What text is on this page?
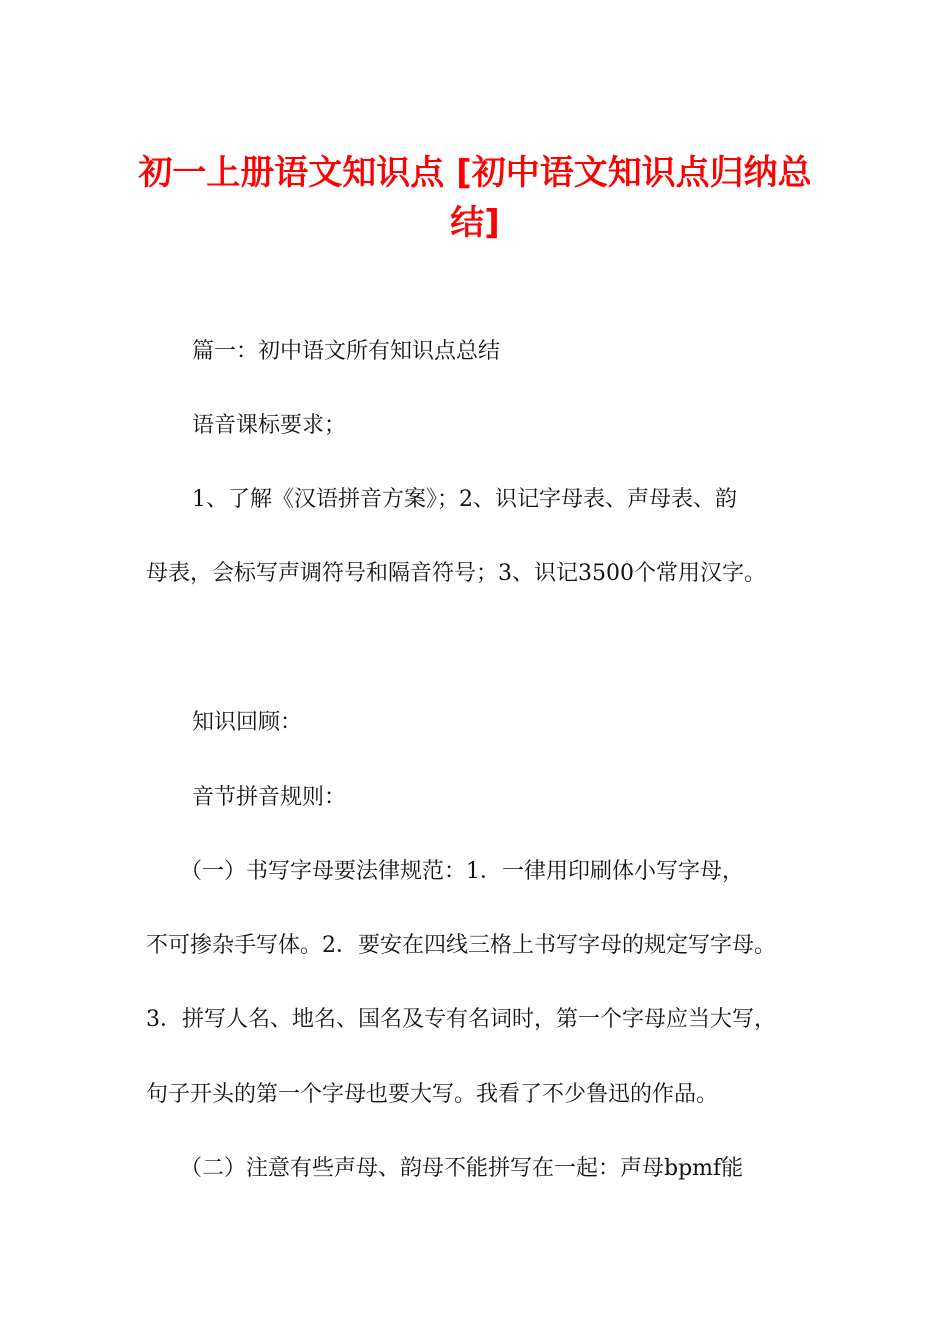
初一上册语文知识点 [初中语文知识点归纳总
结]

篇一：初中语文所有知识点总结

语音课标要求；

1、了解《汉语拼音方案》；2、识记字母表、声母表、韵

母表，会标写声调符号和隔音符号；3、识记3500个常用汉字。

知识回顾：

音节拼音规则：

（一）书写字母要法律规范：1．一律用印刷体小写字母，

不可掺杂手写体。2．要安在四线三格上书写字母的规定写字母。

3．拼写人名、地名、国名及专有名词时，第一个字母应当大写，

句子开头的第一个字母也要大写。我看了不少鲁迅的作品。

（二）注意有些声母、韵母不能拼写在一起：声母bpmf能
